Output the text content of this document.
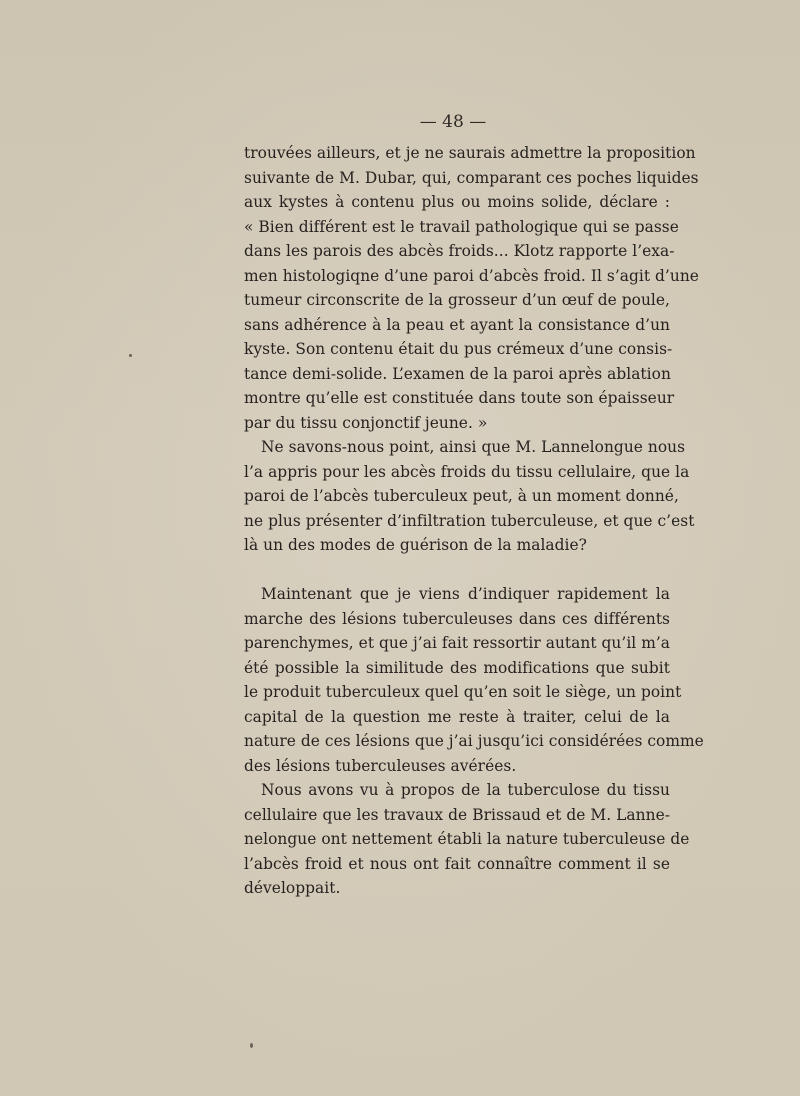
— 48 —
trouvées ailleurs, et je ne saurais admettre la proposition
suivante de M. Dubar, qui, comparant ces poches liquides
aux kystes à contenu plus ou moins solide, déclare :
« Bien différent est le travail pathologique qui se passe
dans les parois des abcès froids... Klotz rapporte l’exa-
men histologiqne d’une paroi d’abcès froid. Il s’agit d’une
tumeur circonscrite de la grosseur d’un œuf de poule,
sans adhérence à la peau et ayant la consistance d’un
kyste. Son contenu était du pus crémeux d’une consis-
tance demi-solide. L’examen de la paroi après ablation
montre qu’elle est constituée dans toute son épaisseur
par du tissu conjonctif jeune. »
Ne savons-nous point, ainsi que M. Lannelongue nous
l’a appris pour les abcès froids du tissu cellulaire, que la
paroi de l’abcès tuberculeux peut, à un moment donné,
ne plus présenter d’infiltration tuberculeuse, et que c’est
là un des modes de guérison de la maladie?
Maintenant que je viens d’indiquer rapidement la
marche des lésions tuberculeuses dans ces différents
parenchymes, et que j’ai fait ressortir autant qu’il m’a
été possible la similitude des modifications que subit
le produit tuberculeux quel qu’en soit le siège, un point
capital de la question me reste à traiter, celui de la
nature de ces lésions que j’ai jusqu’ici considérées comme
des lésions tuberculeuses avérées.
Nous avons vu à propos de la tuberculose du tissu
cellulaire que les travaux de Brissaud et de M. Lanne-
nelongue ont nettement établi la nature tuberculeuse de
l’abcès froid et nous ont fait connaître comment il se
développait.
